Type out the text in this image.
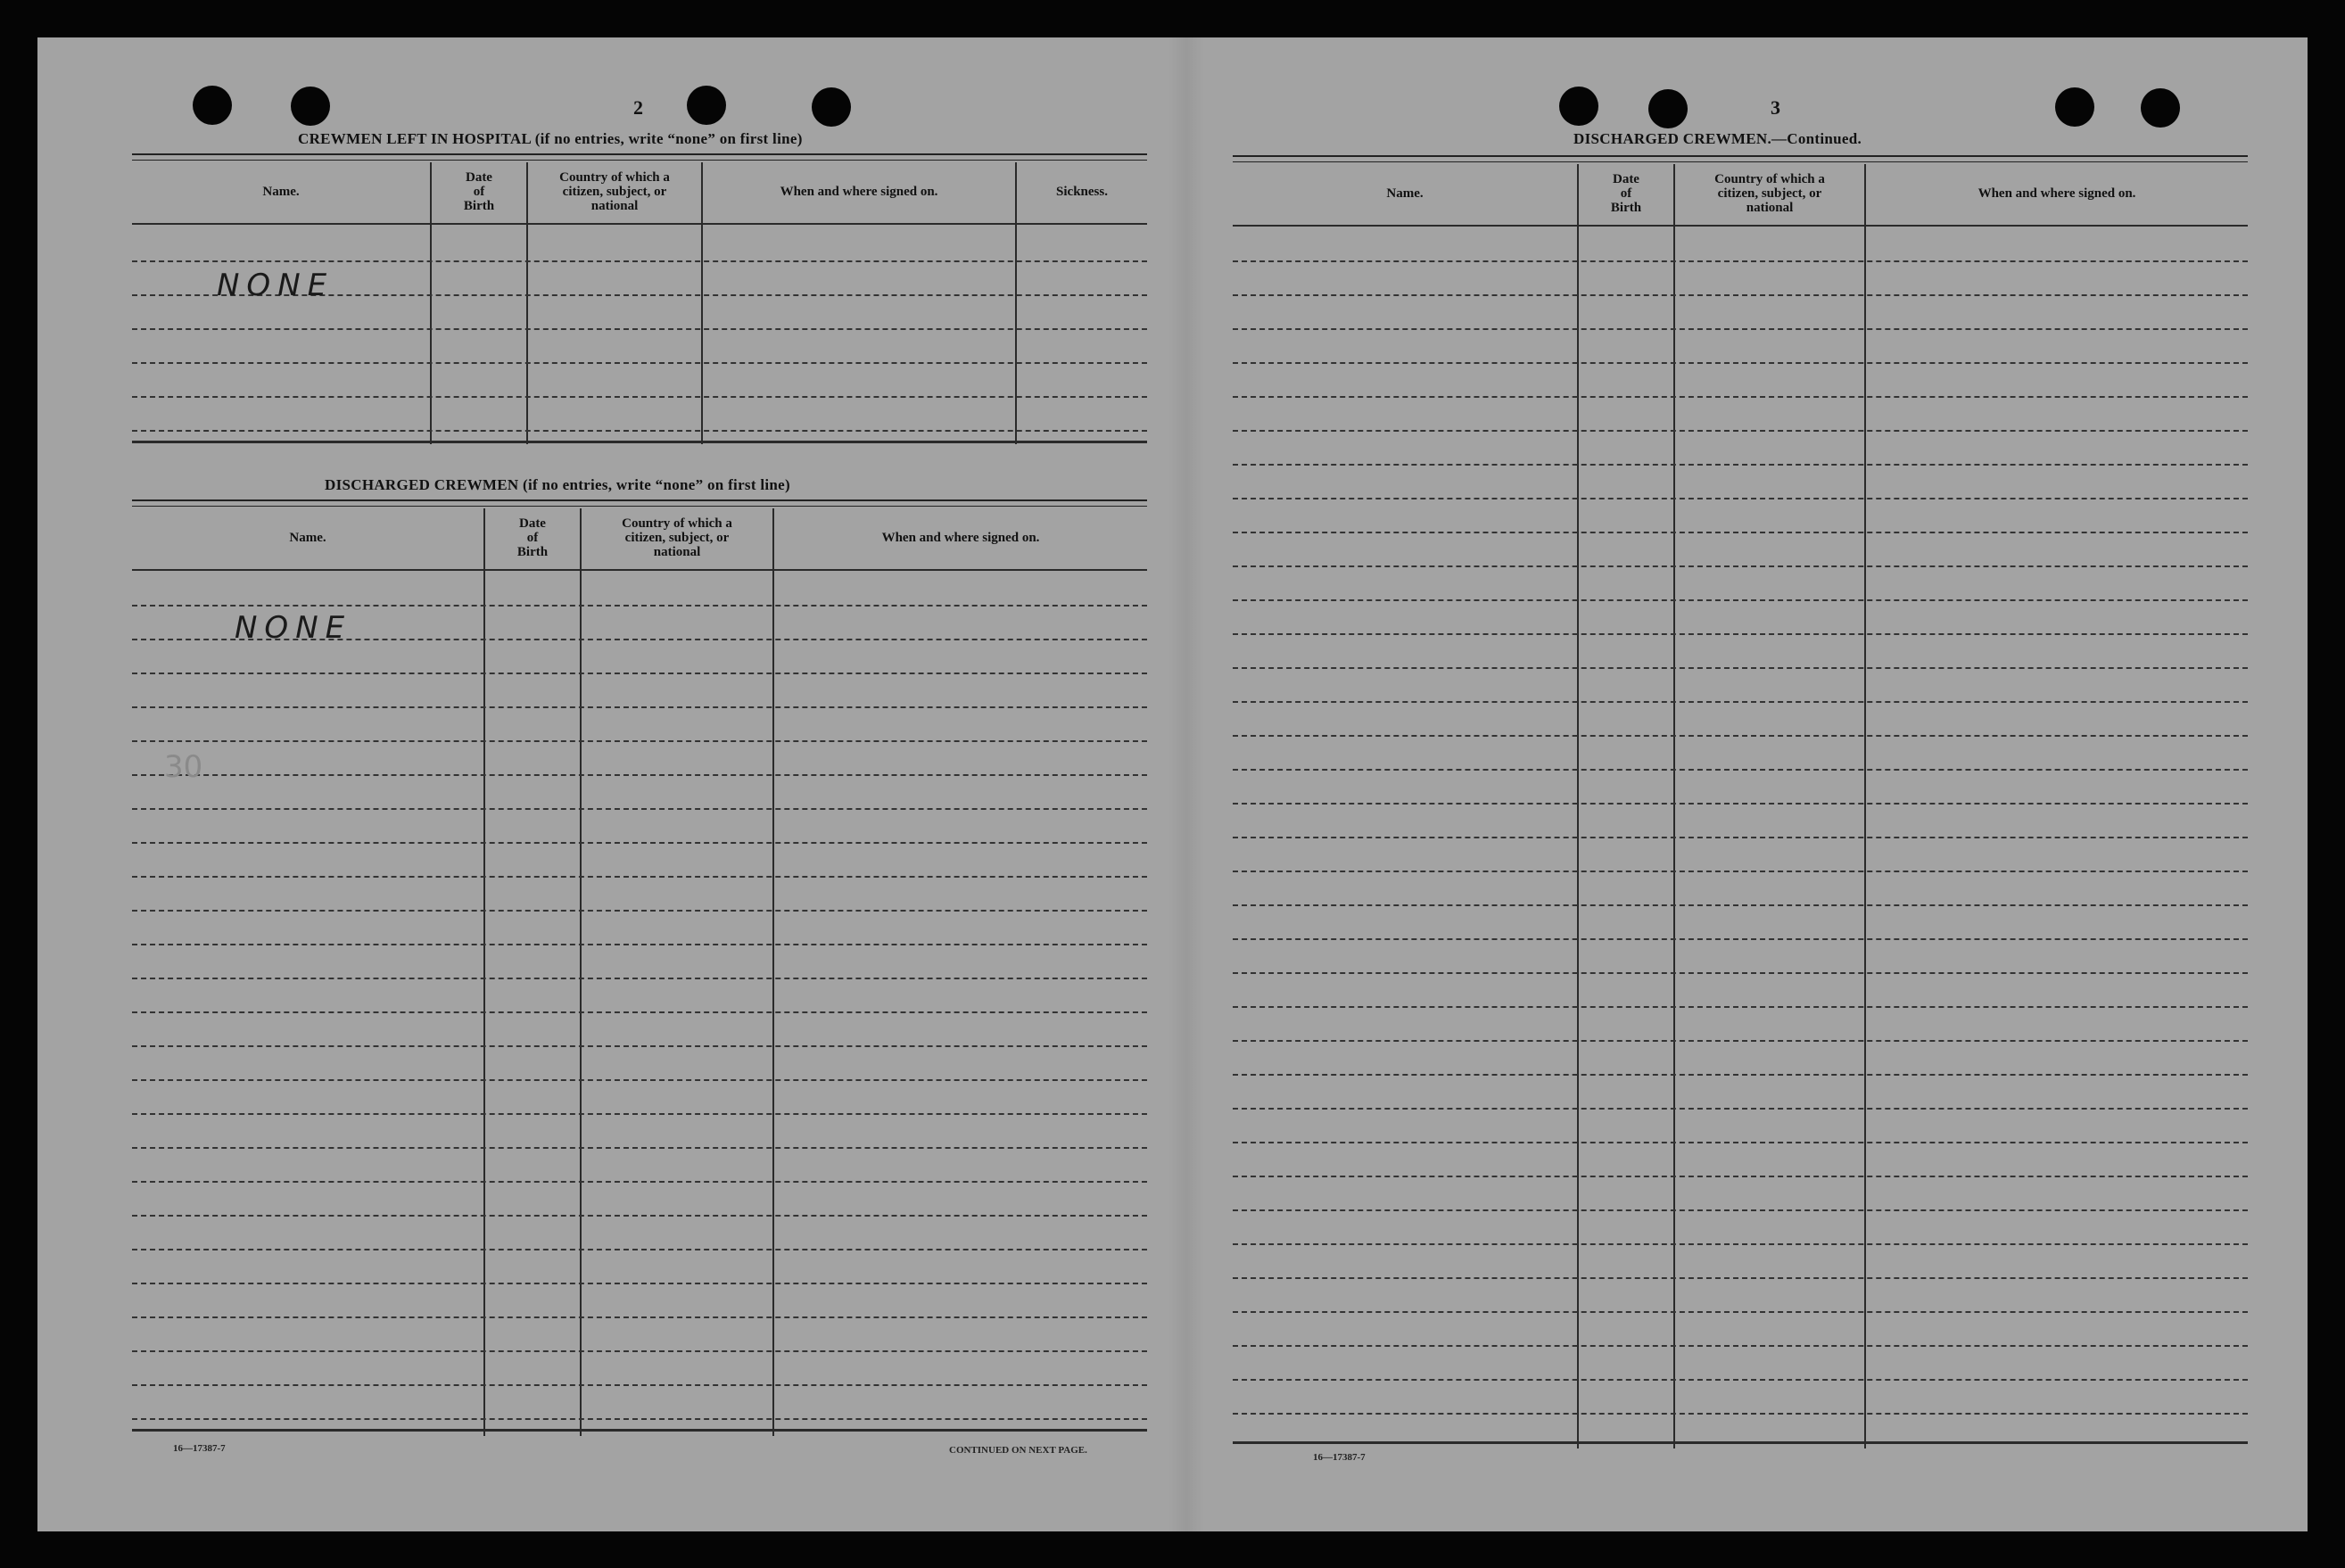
2
CREWMEN LEFT IN HOSPITAL (if no entries, write “none” on first line)
Name.
Date
of
Birth
Country of which a
citizen, subject, or
national
When and where signed on.	Sickness.
NONE
DISCHARGED CREWMEN (if no entries, write “none” on first line)
Name.
Date
of
Birth
Country of which a
citizen, subject, or
national
When and where signed on.
NONE
30
16—17387-7	CONTINUED ON NEXT PAGE.
3
DISCHARGED CREWMEN.—Continued.
Name.
Date
of
Birth
Country of which a
citizen, subject, or
national
When and where signed on.
16—17387-7
